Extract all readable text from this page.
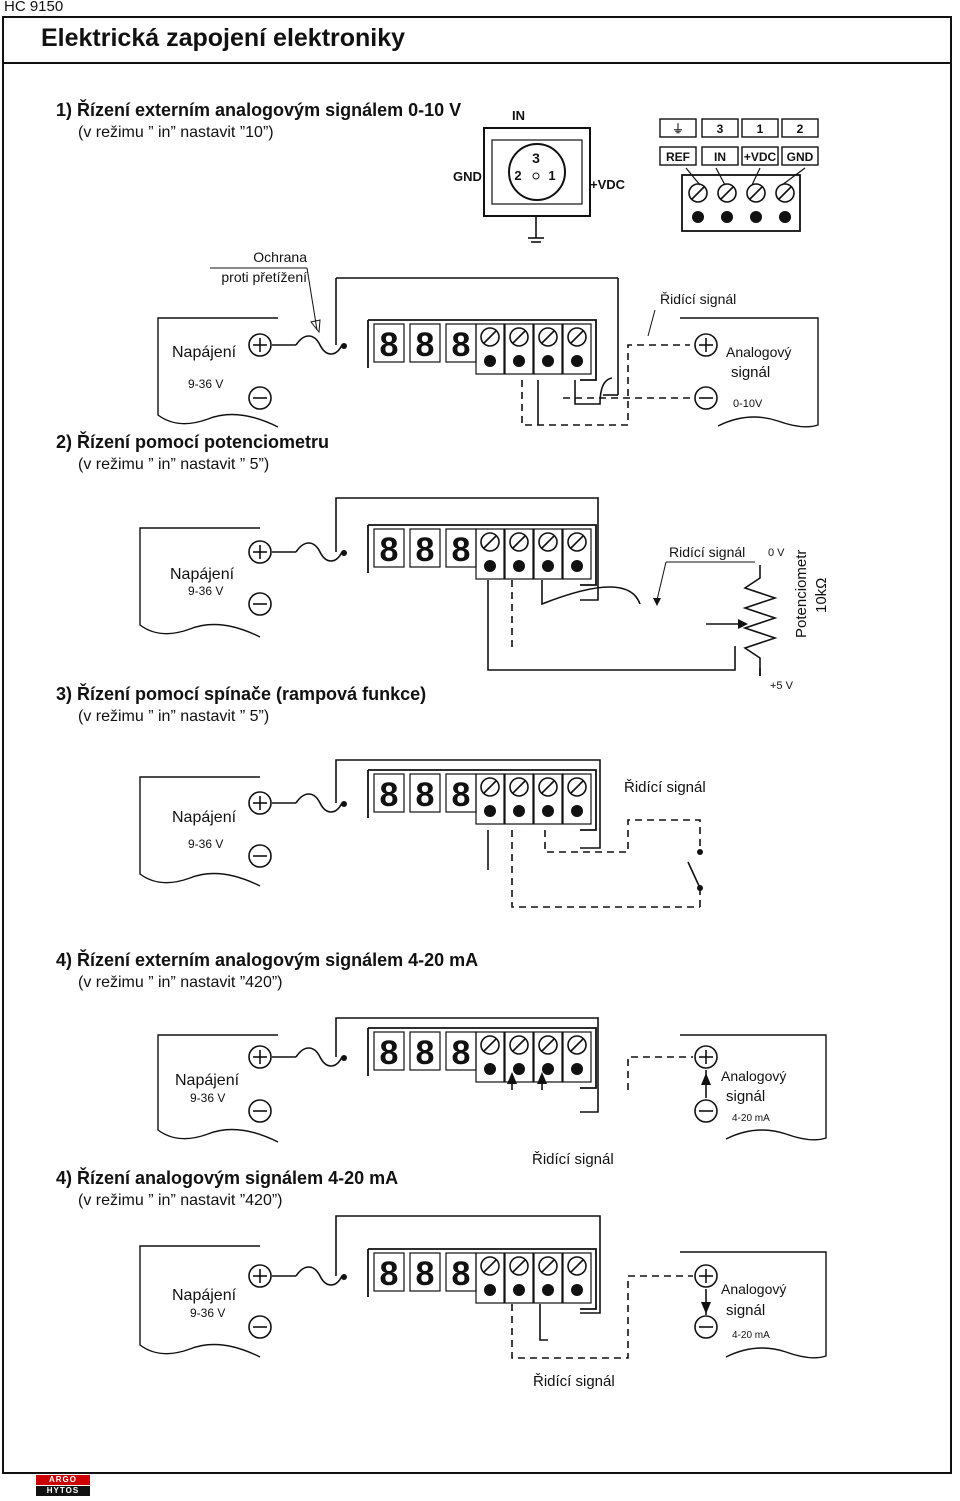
HC 9150
Elektrická zapojení elektroniky
1) Řízení externím analogovým signálem 0-10 V
(v režimu ” in” nastavit ”10”)
2) Řízení pomocí potenciometru
(v režimu ” in” nastavit ” 5”)
3) Řízení pomocí spínače (rampová funkce)
(v režimu ” in” nastavit ” 5”)
4) Řízení externím analogovým signálem 4-20 mA
(v režimu ” in” nastavit ”420”)
4) Řízení analogovým signálem 4-20 mA
(v režimu ” in” nastavit ”420”)
IN
3
2 1
GND
+VDC
⏚	3	1	2
REF IN +VDC GND
Napájení
9-36 V
Ochrana
proti přetížení
Řidící signál
Analogový
signál
0-10V
8 8 8
Napájení
9-36 V
Ridící signál 0 V Potenciometr 10kΩ
+5 V
8 8 8
Napájení
9-36 V
Řidící signál
8 8 8
Napájení
9-36 V
Analogový
signál
4-20 mA
8 8 8
Napájení
9-36 V
Řidící signál
Řidící signál
Analogový
signál
4-20 mA
8 8 8
ARGO
HYTOS
